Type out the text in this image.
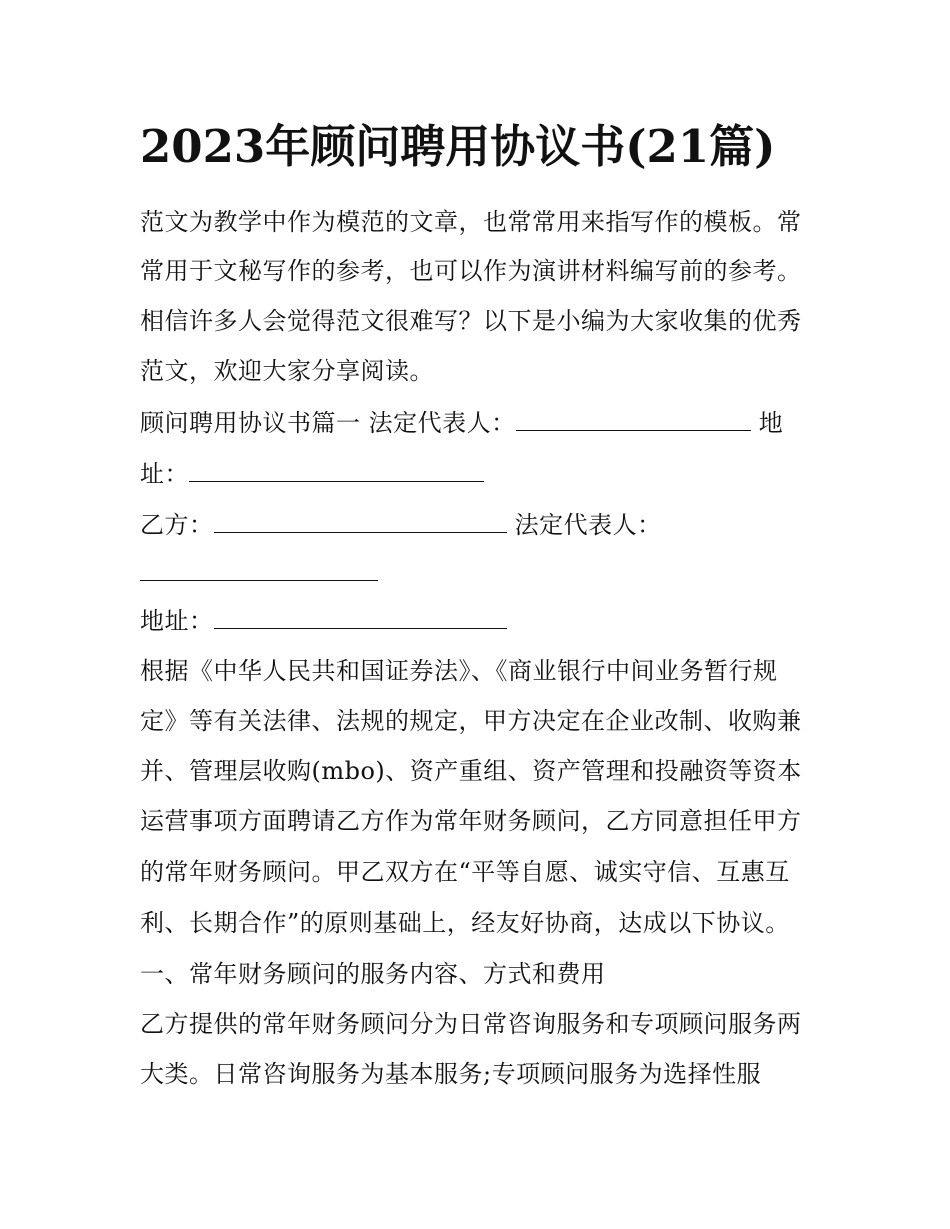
2023年顾问聘用协议书(21篇)
范文为教学中作为模范的文章，也常常用来指写作的模板。常
常用于文秘写作的参考，也可以作为演讲材料编写前的参考。
相信许多人会觉得范文很难写？以下是小编为大家收集的优秀
范文，欢迎大家分享阅读。
顾问聘用协议书篇一 法定代表人：	地
址：
乙方：	法定代表人：
地址：
根据《中华人民共和国证券法》、《商业银行中间业务暂行规
定》等有关法律、法规的规定，甲方决定在企业改制、收购兼
并、管理层收购(mbo)、资产重组、资产管理和投融资等资本
运营事项方面聘请乙方作为常年财务顾问，乙方同意担任甲方
的常年财务顾问。甲乙双方在“平等自愿、诚实守信、互惠互
利、长期合作”的原则基础上，经友好协商，达成以下协议。
一、常年财务顾问的服务内容、方式和费用
乙方提供的常年财务顾问分为日常咨询服务和专项顾问服务两
大类。日常咨询服务为基本服务;专项顾问服务为选择性服
